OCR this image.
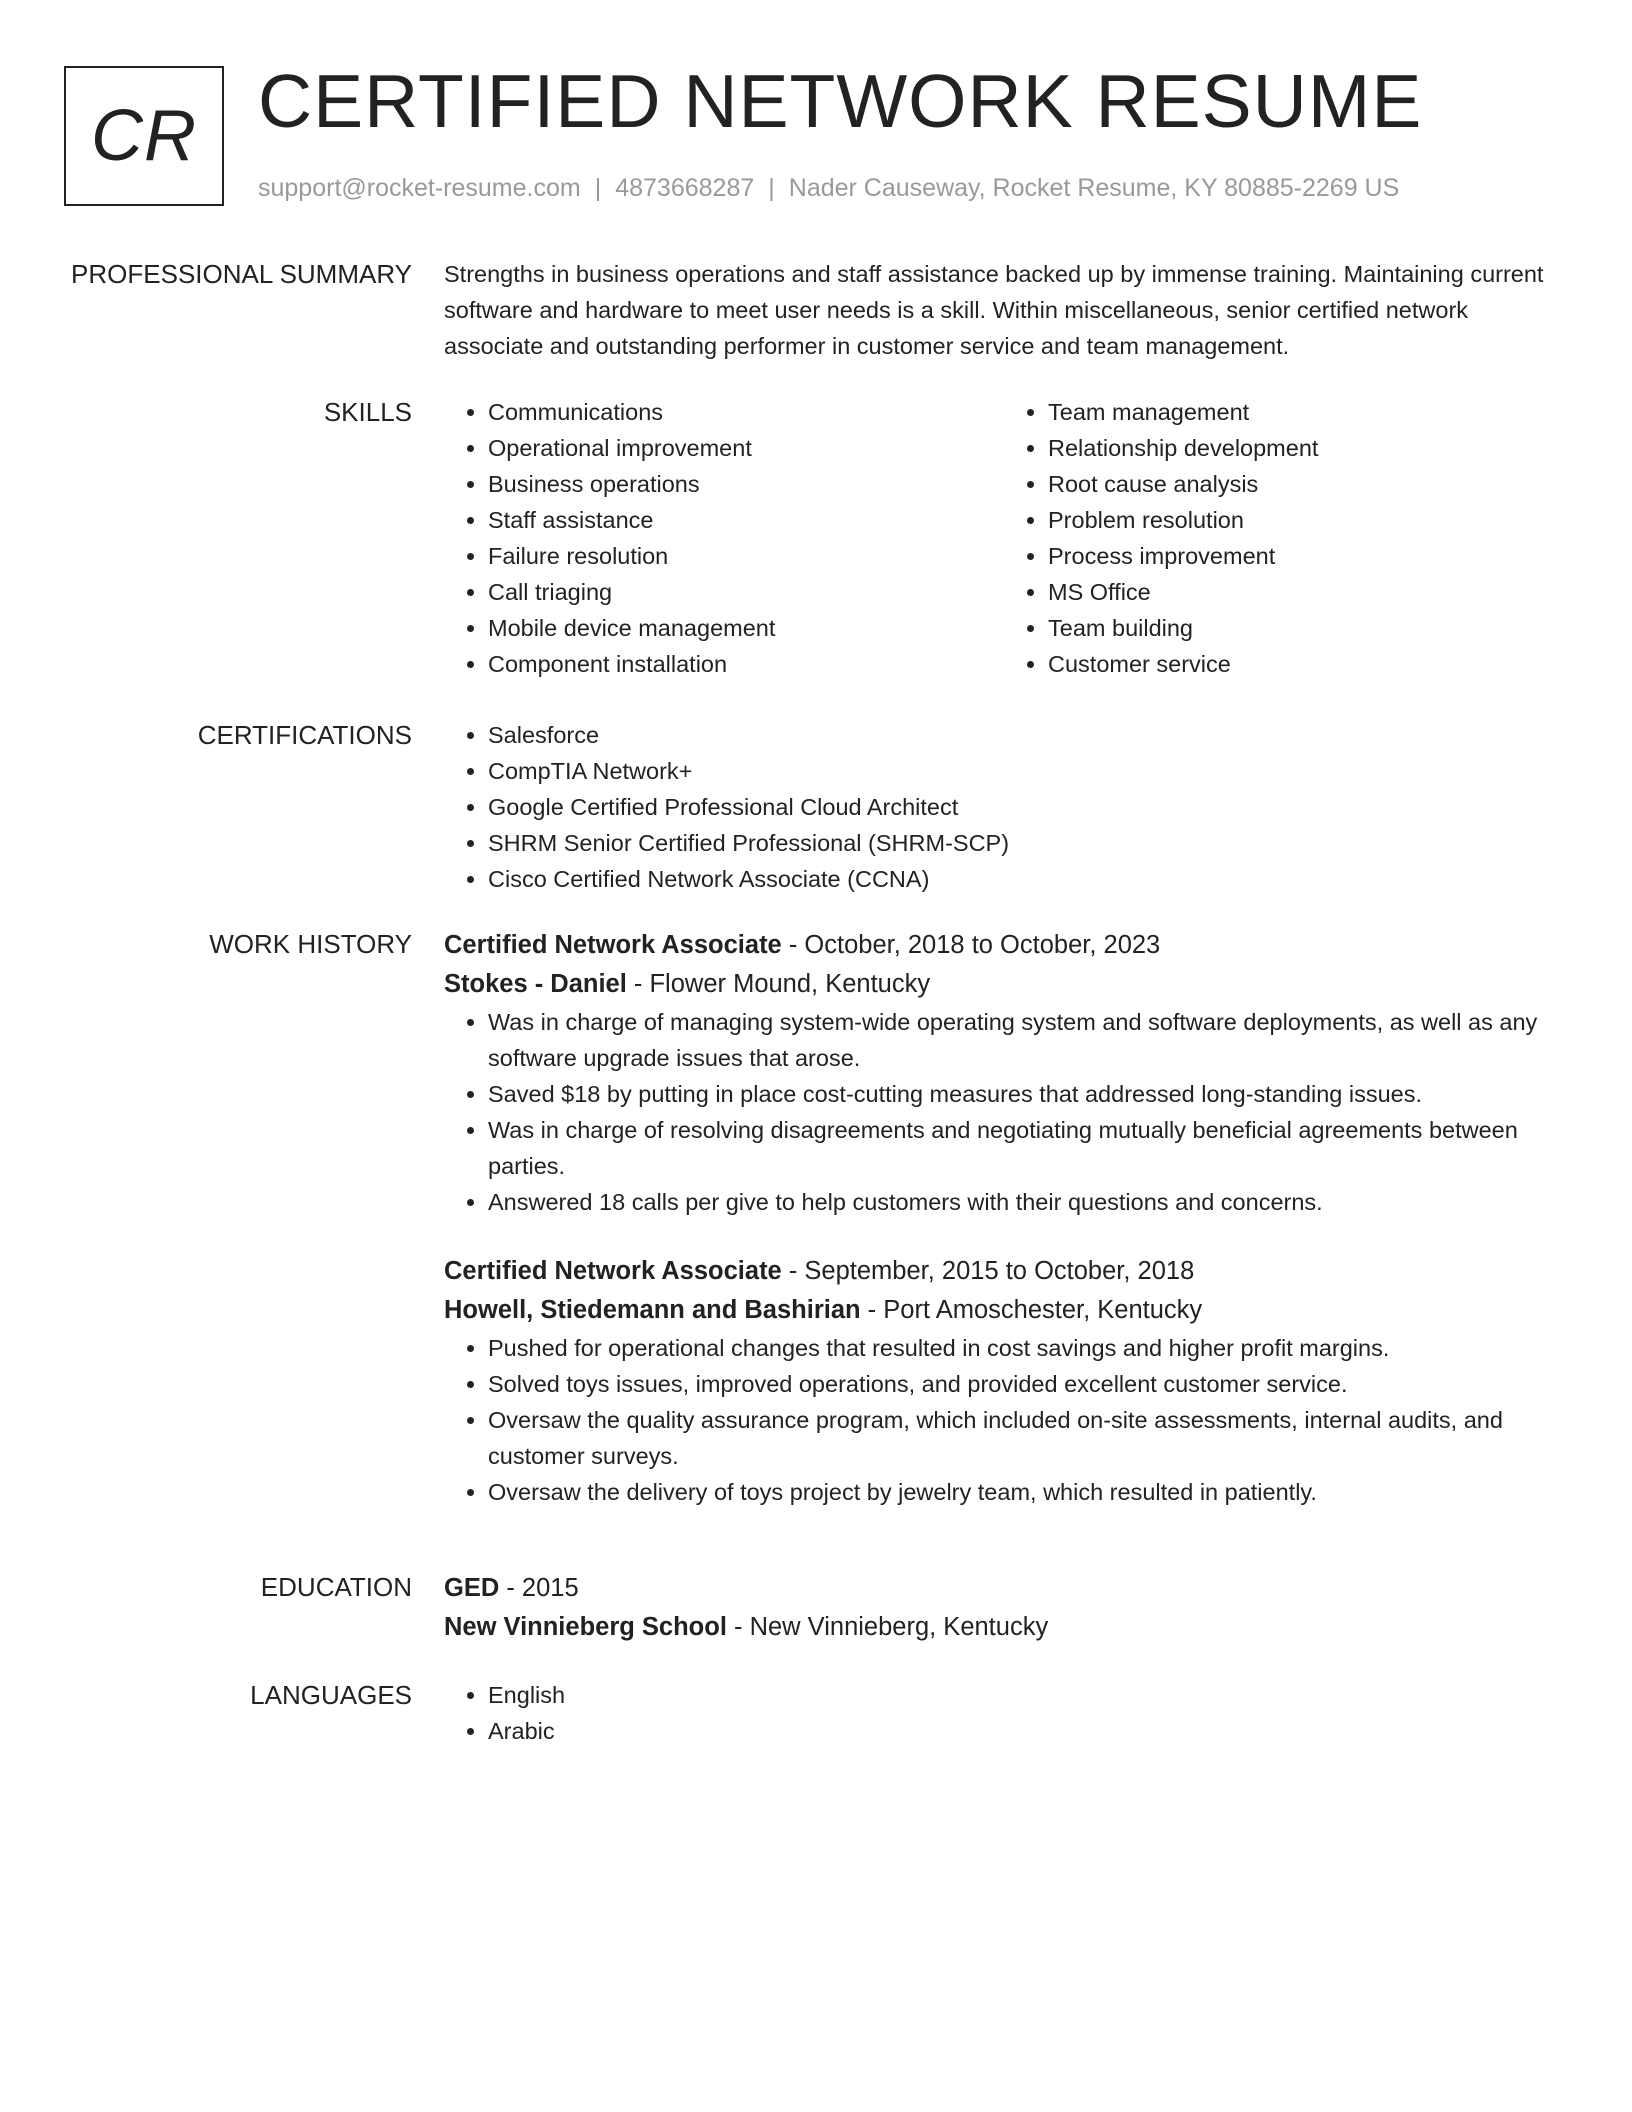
CR CERTIFIED NETWORK RESUME
support@rocket-resume.com | 4873668287 | Nader Causeway, Rocket Resume, KY 80885-2269 US
PROFESSIONAL SUMMARY Strengths in business operations and staff assistance backed up by immense training. Maintaining current software and hardware to meet user needs is a skill. Within miscellaneous, senior certified network associate and outstanding performer in customer service and team management.

SKILLS	• Communications
• Operational improvement
• Business operations
• Staff assistance
• Failure resolution
• Call triaging
• Mobile device management
• Component installation
• Team management
• Relationship development
• Root cause analysis
• Problem resolution
• Process improvement
• MS Office
• Team building
• Customer service
CERTIFICATIONS	• Salesforce
• CompTIA Network+
• Google Certified Professional Cloud Architect
• SHRM Senior Certified Professional (SHRM-SCP)
• Cisco Certified Network Associate (CCNA)
WORK HISTORY Certified Network Associate - October, 2018 to October, 2023
Stokes - Daniel - Flower Mound, Kentucky
• Was in charge of managing system-wide operating system and software deployments, as well as any software upgrade issues that arose.
• Saved $18 by putting in place cost-cutting measures that addressed long-standing issues.
• Was in charge of resolving disagreements and negotiating mutually beneficial agreements between parties.
• Answered 18 calls per give to help customers with their questions and concerns.
Certified Network Associate - September, 2015 to October, 2018
Howell, Stiedemann and Bashirian - Port Amoschester, Kentucky
• Pushed for operational changes that resulted in cost savings and higher profit margins.
• Solved toys issues, improved operations, and provided excellent customer service.
• Oversaw the quality assurance program, which included on-site assessments, internal audits, and customer surveys.
• Oversaw the delivery of toys project by jewelry team, which resulted in patiently.
EDUCATION GED - 2015
New Vinnieberg School - New Vinnieberg, Kentucky
LANGUAGES	• English
• Arabic
